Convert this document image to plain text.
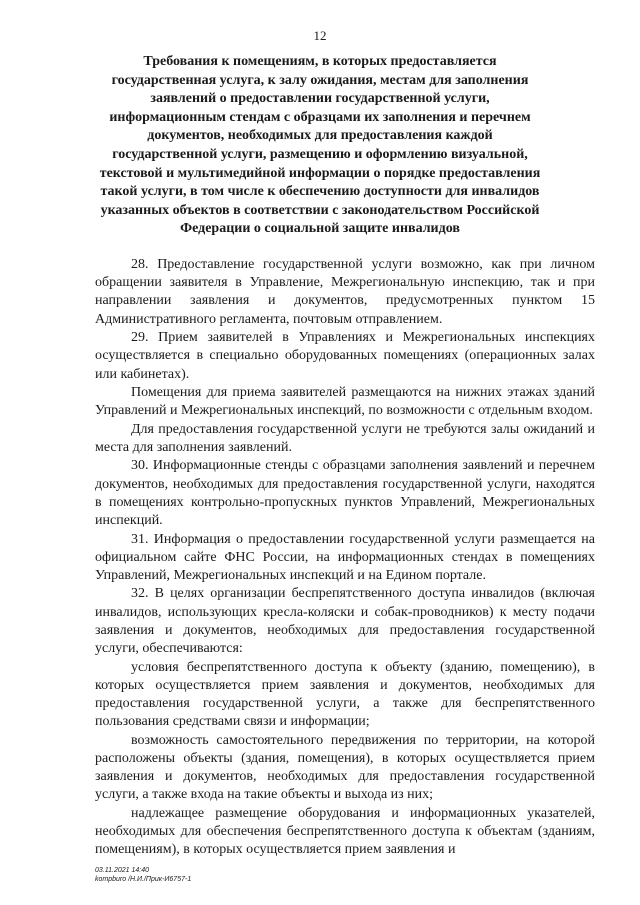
12
Требования к помещениям, в которых предоставляется государственная услуга, к залу ожидания, местам для заполнения заявлений о предоставлении государственной услуги, информационным стендам с образцами их заполнения и перечнем документов, необходимых для предоставления каждой государственной услуги, размещению и оформлению визуальной, текстовой и мультимедийной информации о порядке предоставления такой услуги, в том числе к обеспечению доступности для инвалидов указанных объектов в соответствии с законодательством Российской Федерации о социальной защите инвалидов

28. Предоставление государственной услуги возможно, как при личном обращении заявителя в Управление, Межрегиональную инспекцию, так и при направлении заявления и документов, предусмотренных пунктом 15 Административного регламента, почтовым отправлением.

29. Прием заявителей в Управлениях и Межрегиональных инспекциях осуществляется в специально оборудованных помещениях (операционных залах или кабинетах).

Помещения для приема заявителей размещаются на нижних этажах зданий Управлений и Межрегиональных инспекций, по возможности с отдельным входом.

Для предоставления государственной услуги не требуются залы ожиданий и места для заполнения заявлений.

30. Информационные стенды с образцами заполнения заявлений и перечнем документов, необходимых для предоставления государственной услуги, находятся в помещениях контрольно-пропускных пунктов Управлений, Межрегиональных инспекций.

31. Информация о предоставлении государственной услуги размещается на официальном сайте ФНС России, на информационных стендах в помещениях Управлений, Межрегиональных инспекций и на Едином портале.

32. В целях организации беспрепятственного доступа инвалидов (включая инвалидов, использующих кресла-коляски и собак-проводников) к месту подачи заявления и документов, необходимых для предоставления государственной услуги, обеспечиваются:

условия беспрепятственного доступа к объекту (зданию, помещению), в которых осуществляется прием заявления и документов, необходимых для предоставления государственной услуги, а также для беспрепятственного пользования средствами связи и информации;

возможность самостоятельного передвижения по территории, на которой расположены объекты (здания, помещения), в которых осуществляется прием заявления и документов, необходимых для предоставления государственной услуги, а также входа на такие объекты и выхода из них;

надлежащее размещение оборудования и информационных указателей, необходимых для обеспечения беспрепятственного доступа к объектам (зданиям, помещениям), в которых осуществляется прием заявления и

03.11.2021 14:40
kompburo /Н.И./Прик-И6757-1
